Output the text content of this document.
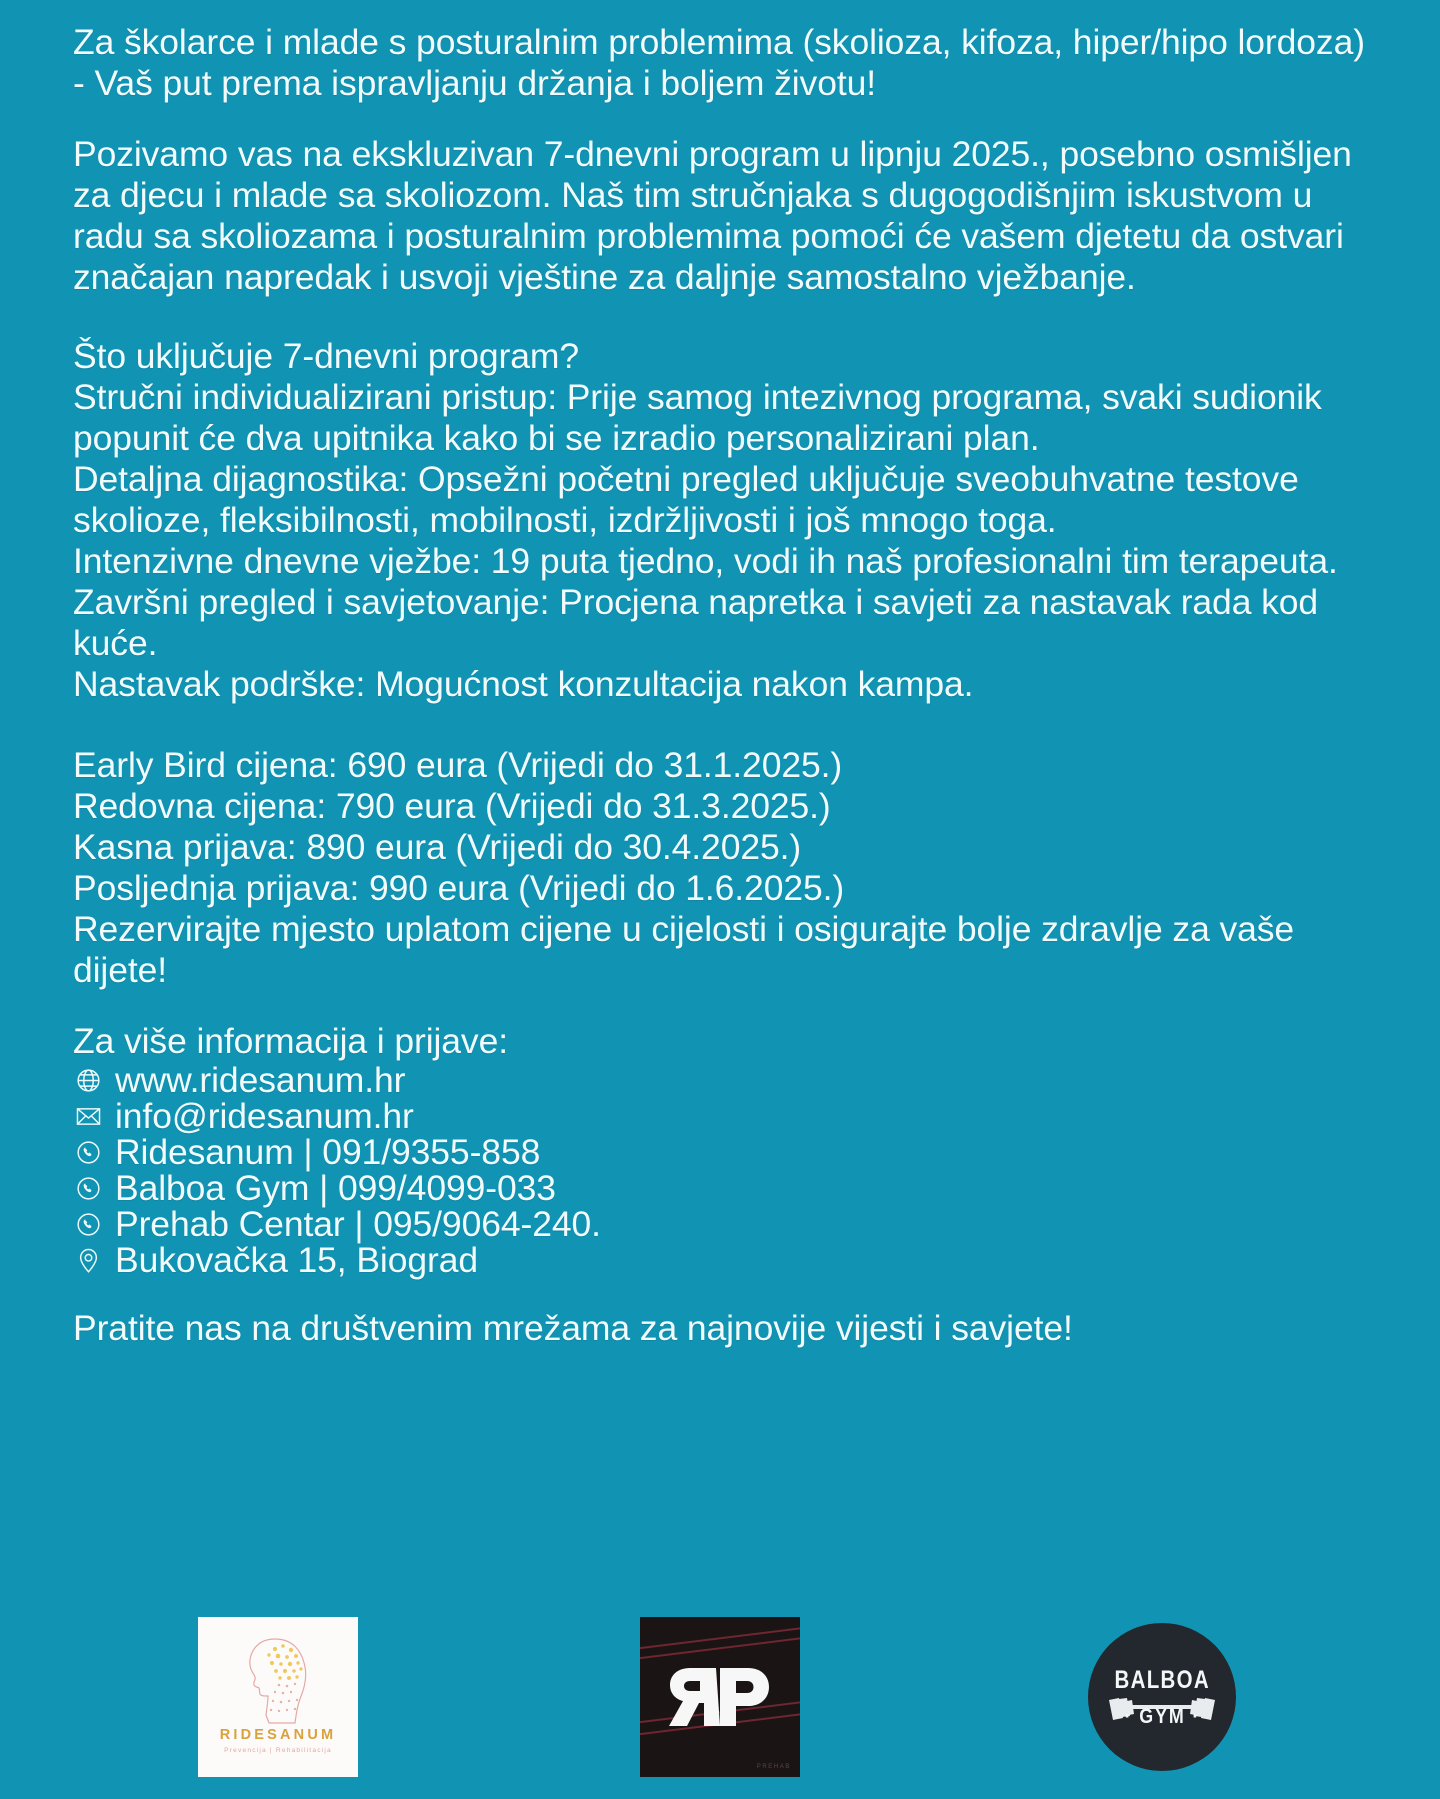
Za školarce i mlade s posturalnim problemima (skolioza, kifoza, hiper/hipo lordoza) - Vaš put prema ispravljanju držanja i boljem životu!

Pozivamo vas na ekskluzivan 7-dnevni program u lipnju 2025., posebno osmišljen za djecu i mlade sa skoliozom. Naš tim stručnjaka s dugogodišnjim iskustvom u radu sa skoliozama i posturalnim problemima pomoći će vašem djetetu da ostvari značajan napredak i usvoji vještine za daljnje samostalno vježbanje.

Što uključuje 7-dnevni program?

Stručni individualizirani pristup: Prije samog intezivnog programa, svaki sudionik popunit će dva upitnika kako bi se izradio personalizirani plan.

Detaljna dijagnostika: Opsežni početni pregled uključuje sveobuhvatne testove skolioze, fleksibilnosti, mobilnosti, izdržljivosti i još mnogo toga.

Intenzivne dnevne vježbe: 19 puta tjedno, vodi ih naš profesionalni tim terapeuta.

Završni pregled i savjetovanje: Procjena napretka i savjeti za nastavak rada kod kuće.

Nastavak podrške: Mogućnost konzultacija nakon kampa.

Early Bird cijena: 690 eura (Vrijedi do 31.1.2025.)

Redovna cijena: 790 eura (Vrijedi do 31.3.2025.)

Kasna prijava: 890 eura (Vrijedi do 30.4.2025.)

Posljednja prijava: 990 eura (Vrijedi do 1.6.2025.)

Rezervirajte mjesto uplatom cijene u cijelosti i osigurajte bolje zdravlje za vaše dijete!

Za više informacija i prijave:

www.ridesanum.hr
info@ridesanum.hr
Ridesanum | 091/9355-858
Balboa Gym | 099/4099-033
Prehab Centar | 095/9064-240.
Bukovačka 15, Biograd

Pratite nas na društvenim mrežama za najnovije vijesti i savjete!

RIDESANUM
Prevencija | Rehabilitacija
PREHAB
BALBOA
· GYM ·
